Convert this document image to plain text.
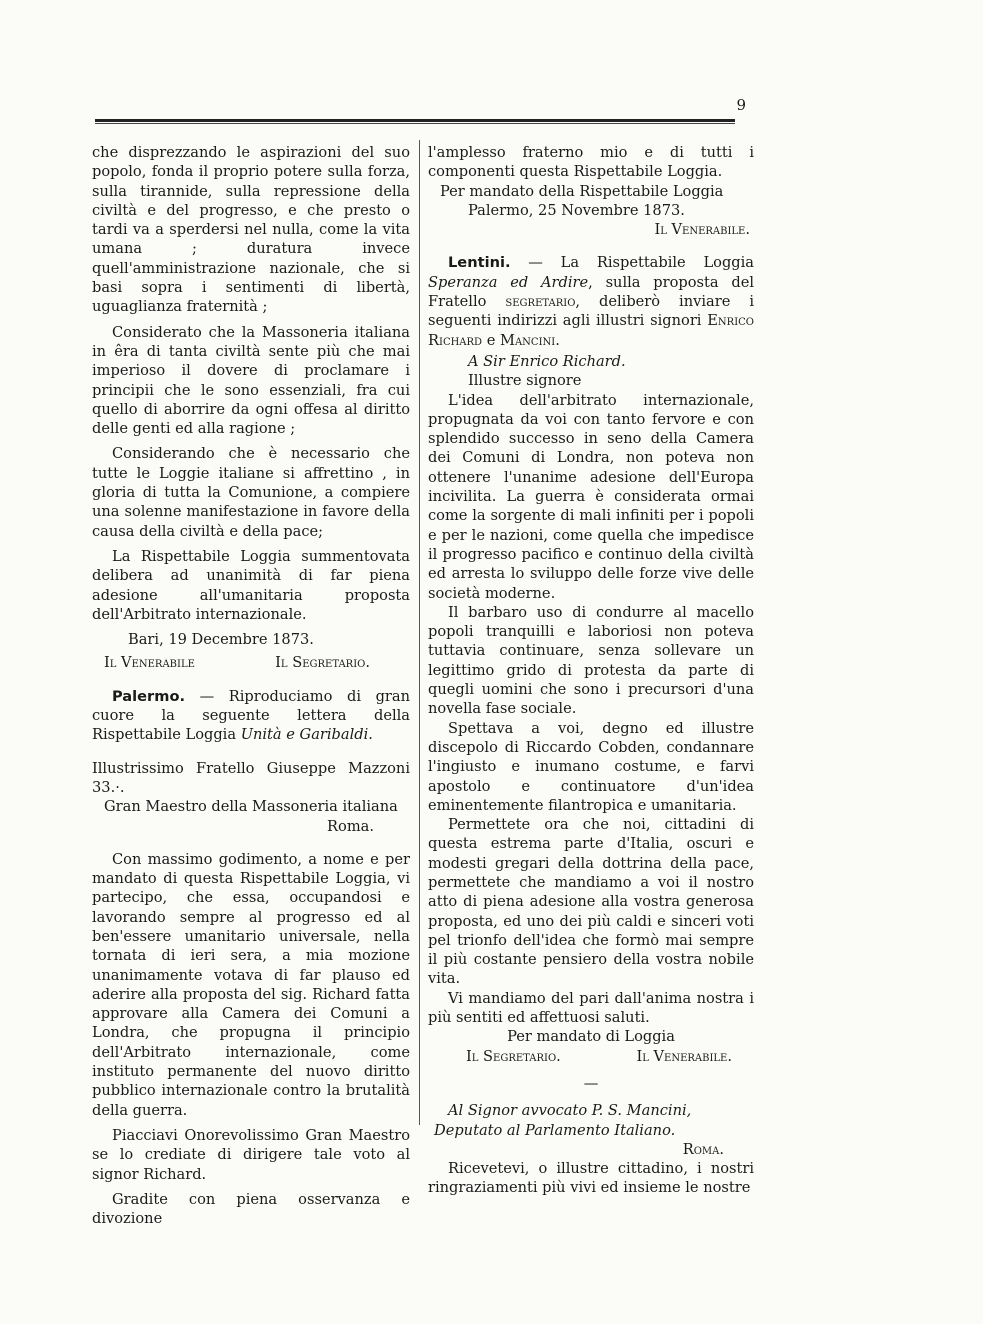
9

che disprezzando le aspirazioni del suo popolo, fonda il proprio potere sulla forza, sulla tirannide, sulla repressione della civiltà e del progresso, e che presto o tardi va a sperdersi nel nulla, come la vita umana ; duratura invece quell'amministrazione nazionale, che si basi sopra i sentimenti di libertà, uguaglianza fraternità ;

Considerato che la Massoneria italiana in êra di tanta civiltà sente più che mai imperioso il dovere di proclamare i principii che le sono essenziali, fra cui quello di aborrire da ogni offesa al diritto delle genti ed alla ragione ;

Considerando che è necessario che tutte le Loggie italiane si affrettino , in gloria di tutta la Comunione, a compiere una solenne manifestazione in favore della causa della civiltà e della pace;

La Rispettabile Loggia summentovata delibera ad unanimità di far piena adesione all'umanitaria proposta dell'Arbitrato internazionale.

Bari, 19 Decembre 1873.

Il Venerabile	Il Segretario.

Palermo. — Riproduciamo di gran cuore la seguente lettera della Rispettabile Loggia Unità e Garibaldi.

Illustrissimo Fratello Giuseppe Mazzoni 33.·.

Gran Maestro della Massoneria italiana

Roma.

Con massimo godimento, a nome e per mandato di questa Rispettabile Loggia, vi partecipo, che essa, occupandosi e lavorando sempre al progresso ed al ben'essere umanitario universale, nella tornata di ieri sera, a mia mozione unanimamente votava di far plauso ed aderire alla proposta del sig. Richard fatta approvare alla Camera dei Comuni a Londra, che propugna il principio dell'Arbitrato internazionale, come instituto permanente del nuovo diritto pubblico internazionale contro la brutalità della guerra.

Piacciavi Onorevolissimo Gran Maestro se lo crediate di dirigere tale voto al signor Richard.

Gradite con piena osservanza e divozione

l'amplesso fraterno mio e di tutti i componenti questa Rispettabile Loggia.

Per mandato della Rispettabile Loggia

Palermo, 25 Novembre 1873.

Il Venerabile.

Lentini. — La Rispettabile Loggia Speranza ed Ardire, sulla proposta del Fratello segretario, deliberò inviare i seguenti indirizzi agli illustri signori Enrico Richard e Mancini.

A Sir Enrico Richard.

Illustre signore

L'idea dell'arbitrato internazionale, propugnata da voi con tanto fervore e con splendido successo in seno della Camera dei Comuni di Londra, non poteva non ottenere l'unanime adesione dell'Europa incivilita. La guerra è considerata ormai come la sorgente di mali infiniti per i popoli e per le nazioni, come quella che impedisce il progresso pacifico e continuo della civiltà ed arresta lo sviluppo delle forze vive delle società moderne.

Il barbaro uso di condurre al macello popoli tranquilli e laboriosi non poteva tuttavia continuare, senza sollevare un legittimo grido di protesta da parte di quegli uomini che sono i precursori d'una novella fase sociale.

Spettava a voi, degno ed illustre discepolo di Riccardo Cobden, condannare l'ingiusto e inumano costume, e farvi apostolo e continuatore d'un'idea eminentemente filantropica e umanitaria.

Permettete ora che noi, cittadini di questa estrema parte d'Italia, oscuri e modesti gregari della dottrina della pace, permettete che mandiamo a voi il nostro atto di piena adesione alla vostra generosa proposta, ed uno dei più caldi e sinceri voti pel trionfo dell'idea che formò mai sempre il più costante pensiero della vostra nobile vita.

Vi mandiamo del pari dall'anima nostra i più sentiti ed affettuosi saluti.

Per mandato di Loggia

Il Segretario.	Il Venerabile.

—

Al Signor avvocato P. S. Mancini,

Deputato al Parlamento Italiano.

Roma.

Ricevetevi, o illustre cittadino, i nostri ringraziamenti più vivi ed insieme le nostre
